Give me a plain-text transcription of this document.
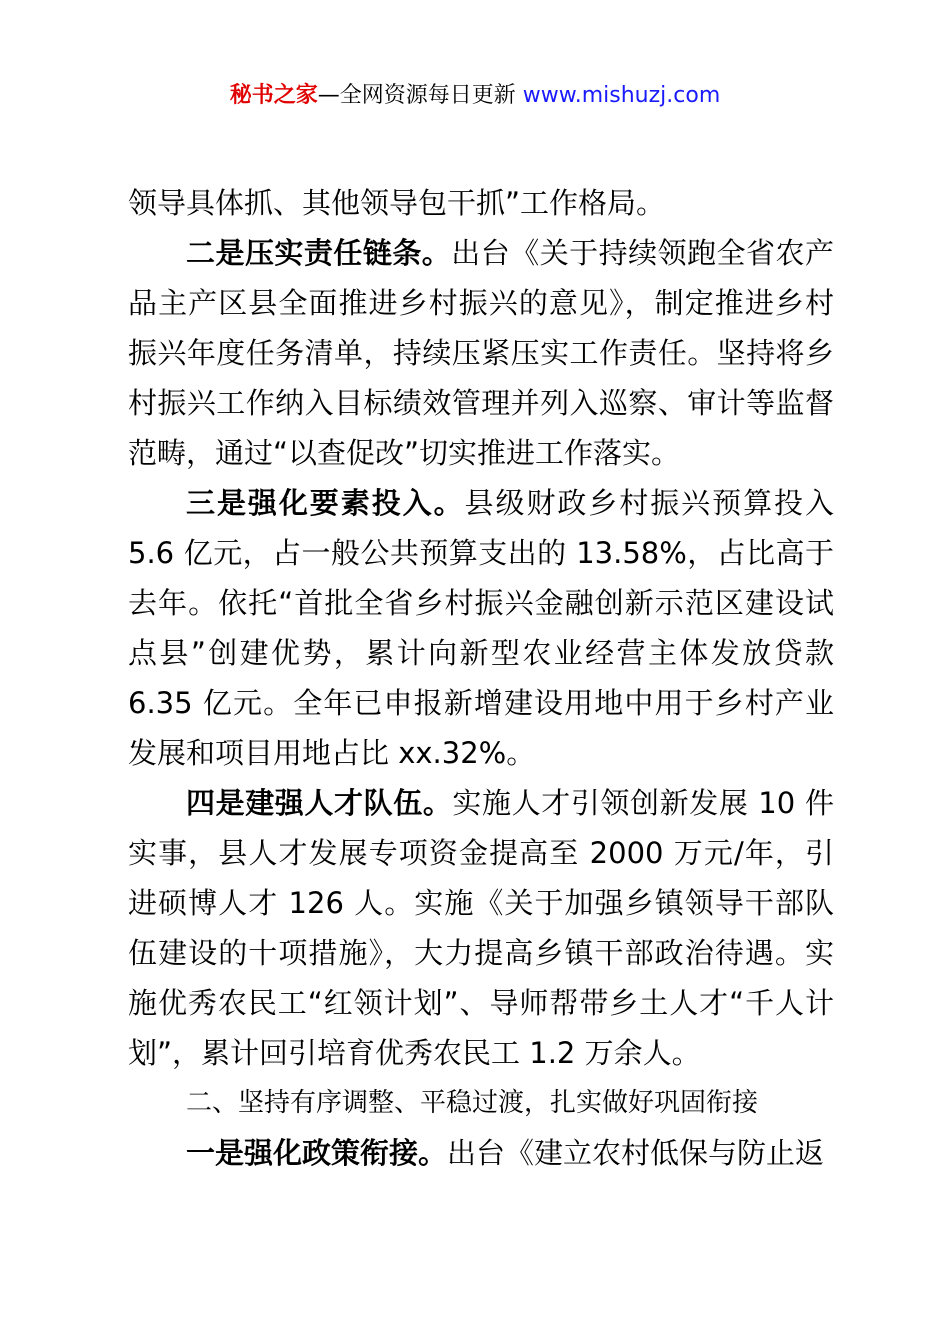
秘书之家—全网资源每日更新 www.mishuzj.com

领导具体抓、其他领导包干抓”工作格局。

二是压实责任链条。出台《关于持续领跑全省农产品主产区县全面推进乡村振兴的意见》，制定推进乡村振兴年度任务清单，持续压紧压实工作责任。坚持将乡村振兴工作纳入目标绩效管理并列入巡察、审计等监督范畴，通过“以查促改”切实推进工作落实。

三是强化要素投入。县级财政乡村振兴预算投入5.6 亿元，占一般公共预算支出的 13.58%，占比高于去年。依托“首批全省乡村振兴金融创新示范区建设试点县”创建优势，累计向新型农业经营主体发放贷款6.35 亿元。全年已申报新增建设用地中用于乡村产业发展和项目用地占比 xx.32%。

四是建强人才队伍。实施人才引领创新发展 10 件实事，县人才发展专项资金提高至 2000 万元/年，引进硕博人才 126 人。实施《关于加强乡镇领导干部队伍建设的十项措施》，大力提高乡镇干部政治待遇。实施优秀农民工“红领计划”、导师帮带乡土人才“千人计划”，累计回引培育优秀农民工 1.2 万余人。

二、坚持有序调整、平稳过渡，扎实做好巩固衔接

一是强化政策衔接。出台《建立农村低保与防止返
